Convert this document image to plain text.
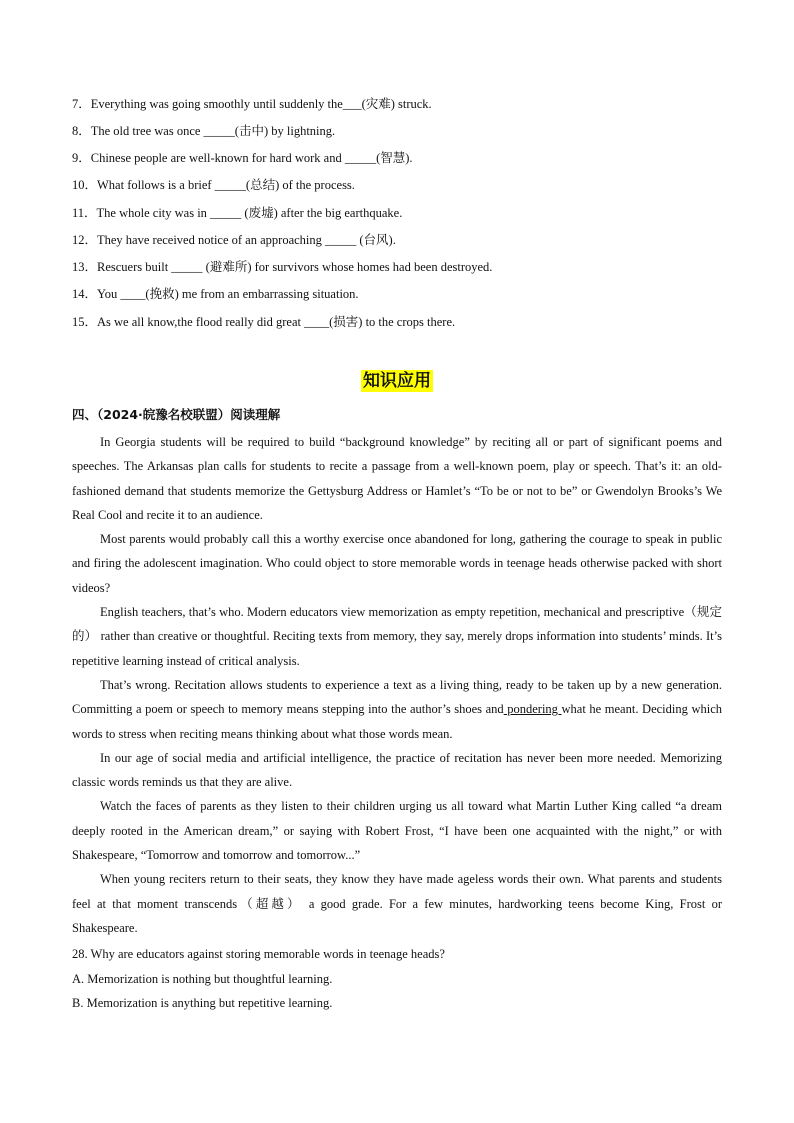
7．Everything was going smoothly until suddenly the___(灾难) struck.
8．The old tree was once _____(击中) by lightning.
9．Chinese people are well-known for hard work and _____(智慧).
10．What follows is a brief _____(总结) of the process.
11．The whole city was in _____ (废墟) after the big earthquake.
12．They have received notice of an approaching _____ (台风).
13．Rescuers built _____ (避难所) for survivors whose homes had been destroyed.
14．You ____(挽救) me from an embarrassing situation.
15．As we all know,the flood really did great ____(损害) to the crops there.
知识应用
四、（2024·皖豫名校联盟）阅读理解

In Georgia students will be required to build “background knowledge” by reciting all or part of significant poems and speeches. The Arkansas plan calls for students to recite a passage from a well-known poem, play or speech. That’s it: an old-fashioned demand that students memorize the Gettysburg Address or Hamlet’s “To be or not to be” or Gwendolyn Brooks’s We Real Cool and recite it to an audience.

Most parents would probably call this a worthy exercise once abandoned for long, gathering the courage to speak in public and firing the adolescent imagination. Who could object to store memorable words in teenage heads otherwise packed with short videos?

English teachers, that’s who. Modern educators view memorization as empty repetition, mechanical and prescriptive（规定的） rather than creative or thoughtful. Reciting texts from memory, they say, merely drops information into students’ minds. It’s repetitive learning instead of critical analysis.

That’s wrong. Recitation allows students to experience a text as a living thing, ready to be taken up by a new generation. Committing a poem or speech to memory means stepping into the author’s shoes and pondering what he meant. Deciding which words to stress when reciting means thinking about what those words mean.

In our age of social media and artificial intelligence, the practice of recitation has never been more needed. Memorizing classic words reminds us that they are alive.

Watch the faces of parents as they listen to their children urging us all toward what Martin Luther King called “a dream deeply rooted in the American dream,” or saying with Robert Frost, “I have been one acquainted with the night,” or with Shakespeare, “Tomorrow and tomorrow and tomorrow...”

When young reciters return to their seats, they know they have made ageless words their own. What parents and students feel at that moment transcends（超越） a good grade. For a few minutes, hardworking teens become King, Frost or Shakespeare.

28. Why are educators against storing memorable words in teenage heads?
A. Memorization is nothing but thoughtful learning.
B. Memorization is anything but repetitive learning.
